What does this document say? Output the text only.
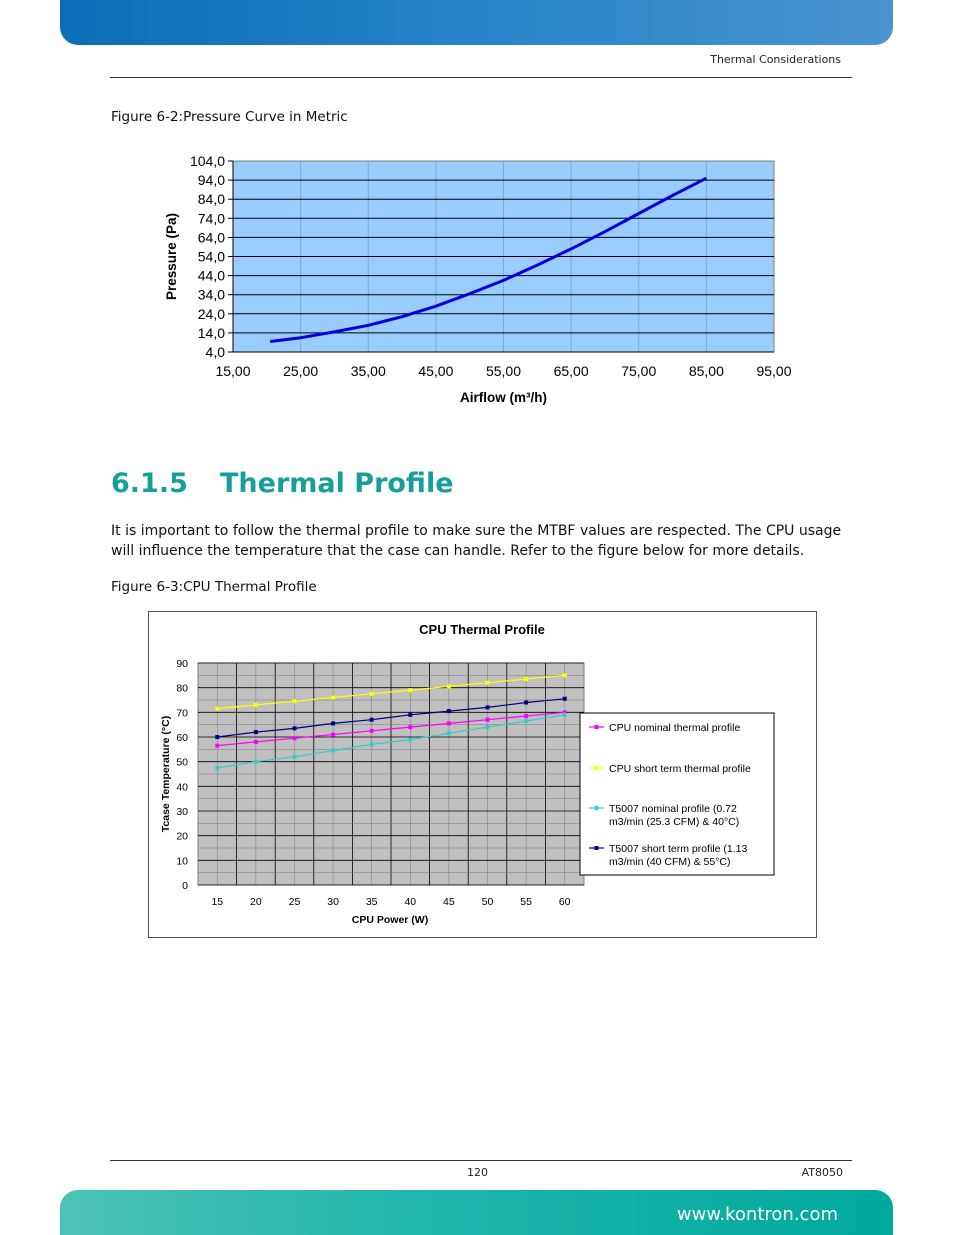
Thermal Considerations
Figure 6-2:Pressure Curve in Metric
15,00 25,00 35,00 45,00 55,00 65,00 75,00 85,00 95,00
4,0
14,0
24,0
34,0
44,0
54,0
64,0
74,0
84,0
94,0
104,0
Airflow (m³/h)
Pressure (Pa)
6.1.5 Thermal Profile
It is important to follow the thermal profile to make sure the MTBF values are respected. The CPU usage will influence the temperature that the case can handle. Refer to the figure below for more details.
Figure 6-3:CPU Thermal Profile
CPU Thermal Profile
0
10
20
30
40
50
60
70
80
90
15	20	25	30	35	40	45	50	55	60
CPU Power (W)
Tcase Temperature (°C)	CPU nominal thermal profile
CPU short term thermal profile
T5007 nominal profile (0.72 m3/min (25.3 CFM) & 40°C)
T5007 short term profile (1.13 m3/min (40 CFM) & 55°C)
120	AT8050
www.kontron.com
